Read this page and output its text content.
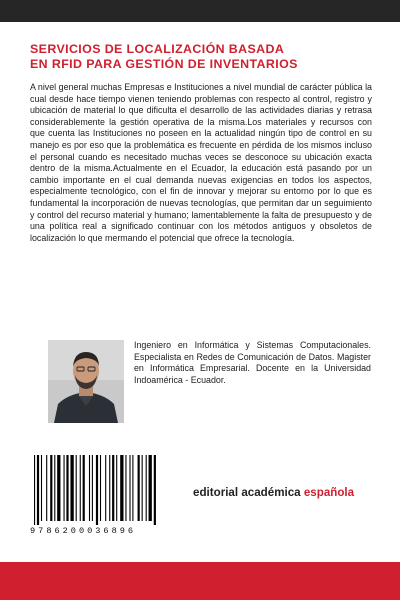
SERVICIOS DE LOCALIZACIÓN BASADA
EN RFID PARA GESTIÓN DE INVENTARIOS

A nivel general muchas Empresas e Instituciones a nivel mundial de carácter pública la cual desde hace tiempo vienen teniendo problemas con respecto al control, registro y ubicación de material lo que dificulta el desarrollo de las actividades diarias y retrasa considerablemente la gestión operativa de la misma.Los materiales y recursos con que cuenta las Instituciones no poseen en la actualidad ningún tipo de control en su manejo es por eso que la problemática es frecuente en pérdida de los mismos incluso el personal cuando es necesitado muchas veces se desconoce su ubicación exacta dentro de la misma.Actualmente en el Ecuador, la educación está pasando por un cambio importante en el cual demanda nuevas exigencias en todos los aspectos, especialmente tecnológico, con el fin de innovar y mejorar su entorno por lo que es fundamental la incorporación de nuevas tecnologías, que permitan dar un seguimiento y control del recurso material y humano; lamentablemente la falta de presupuesto y de una política real a significado continuar con los métodos antiguos y obsoletos de localización lo que mermando el potencial que ofrece la tecnología.

Ingeniero en Informática y Sistemas Computacionales. Especialista en Redes de Comunicación de Datos. Magister en Informática Empresarial. Docente en la Universidad Indoamérica - Ecuador.

9786200036896
editorial académica española
